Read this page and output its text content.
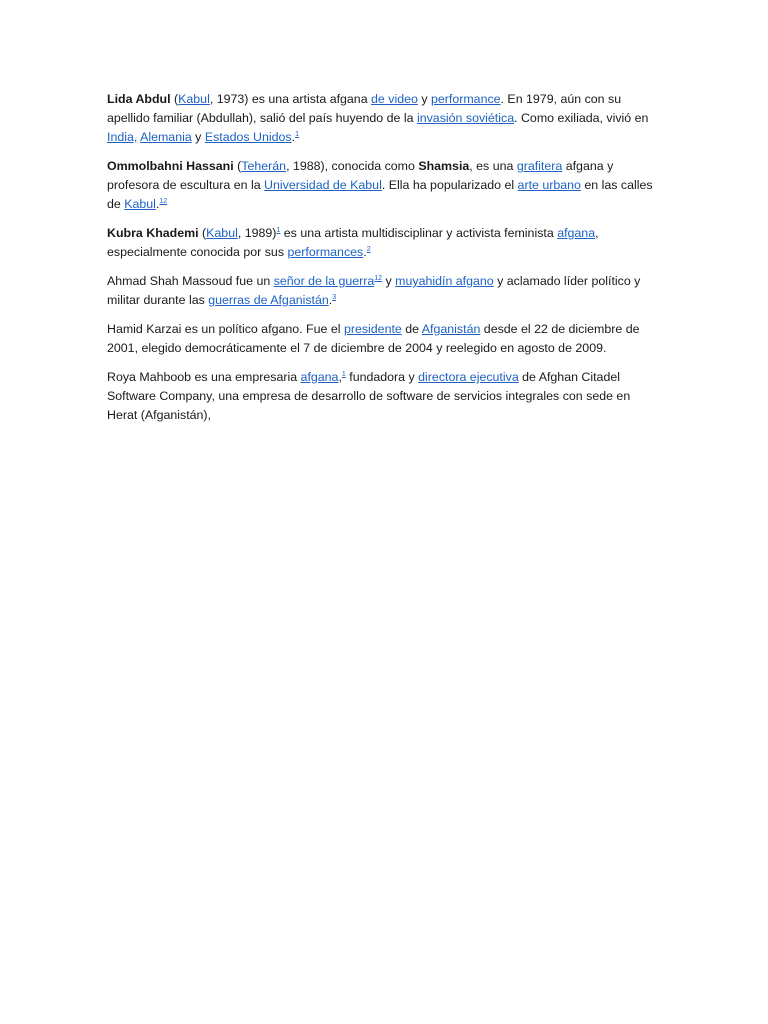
Lida Abdul (Kabul, 1973) es una artista afgana de video y performance. En 1979, aún con su apellido familiar (Abdullah), salió del país huyendo de la invasión soviética. Como exiliada, vivió en India, Alemania y Estados Unidos.$^1$

Ommolbahni Hassani (Teherán, 1988), conocida como Shamsia, es una grafitera afgana y profesora de escultura en la Universidad de Kabul. Ella ha popularizado el arte urbano en las calles de Kabul.$^{12}$

Kubra Khademi (Kabul, 1989)$^1$ es una artista multidisciplinar y activista feminista afgana, especialmente conocida por sus performances.$^2$

Ahmad Shah Massoud fue un señor de la guerra$^{12}$ y muyahidín afgano y aclamado líder político y militar durante las guerras de Afganistán.$^3$

Hamid Karzai es un político afgano. Fue el presidente de Afganistán desde el 22 de diciembre de 2001, elegido democráticamente el 7 de diciembre de 2004 y reelegido en agosto de 2009.

Roya Mahboob es una empresaria afgana,$^1$ fundadora y directora ejecutiva de Afghan Citadel Software Company, una empresa de desarrollo de software de servicios integrales con sede en Herat (Afganistán),
